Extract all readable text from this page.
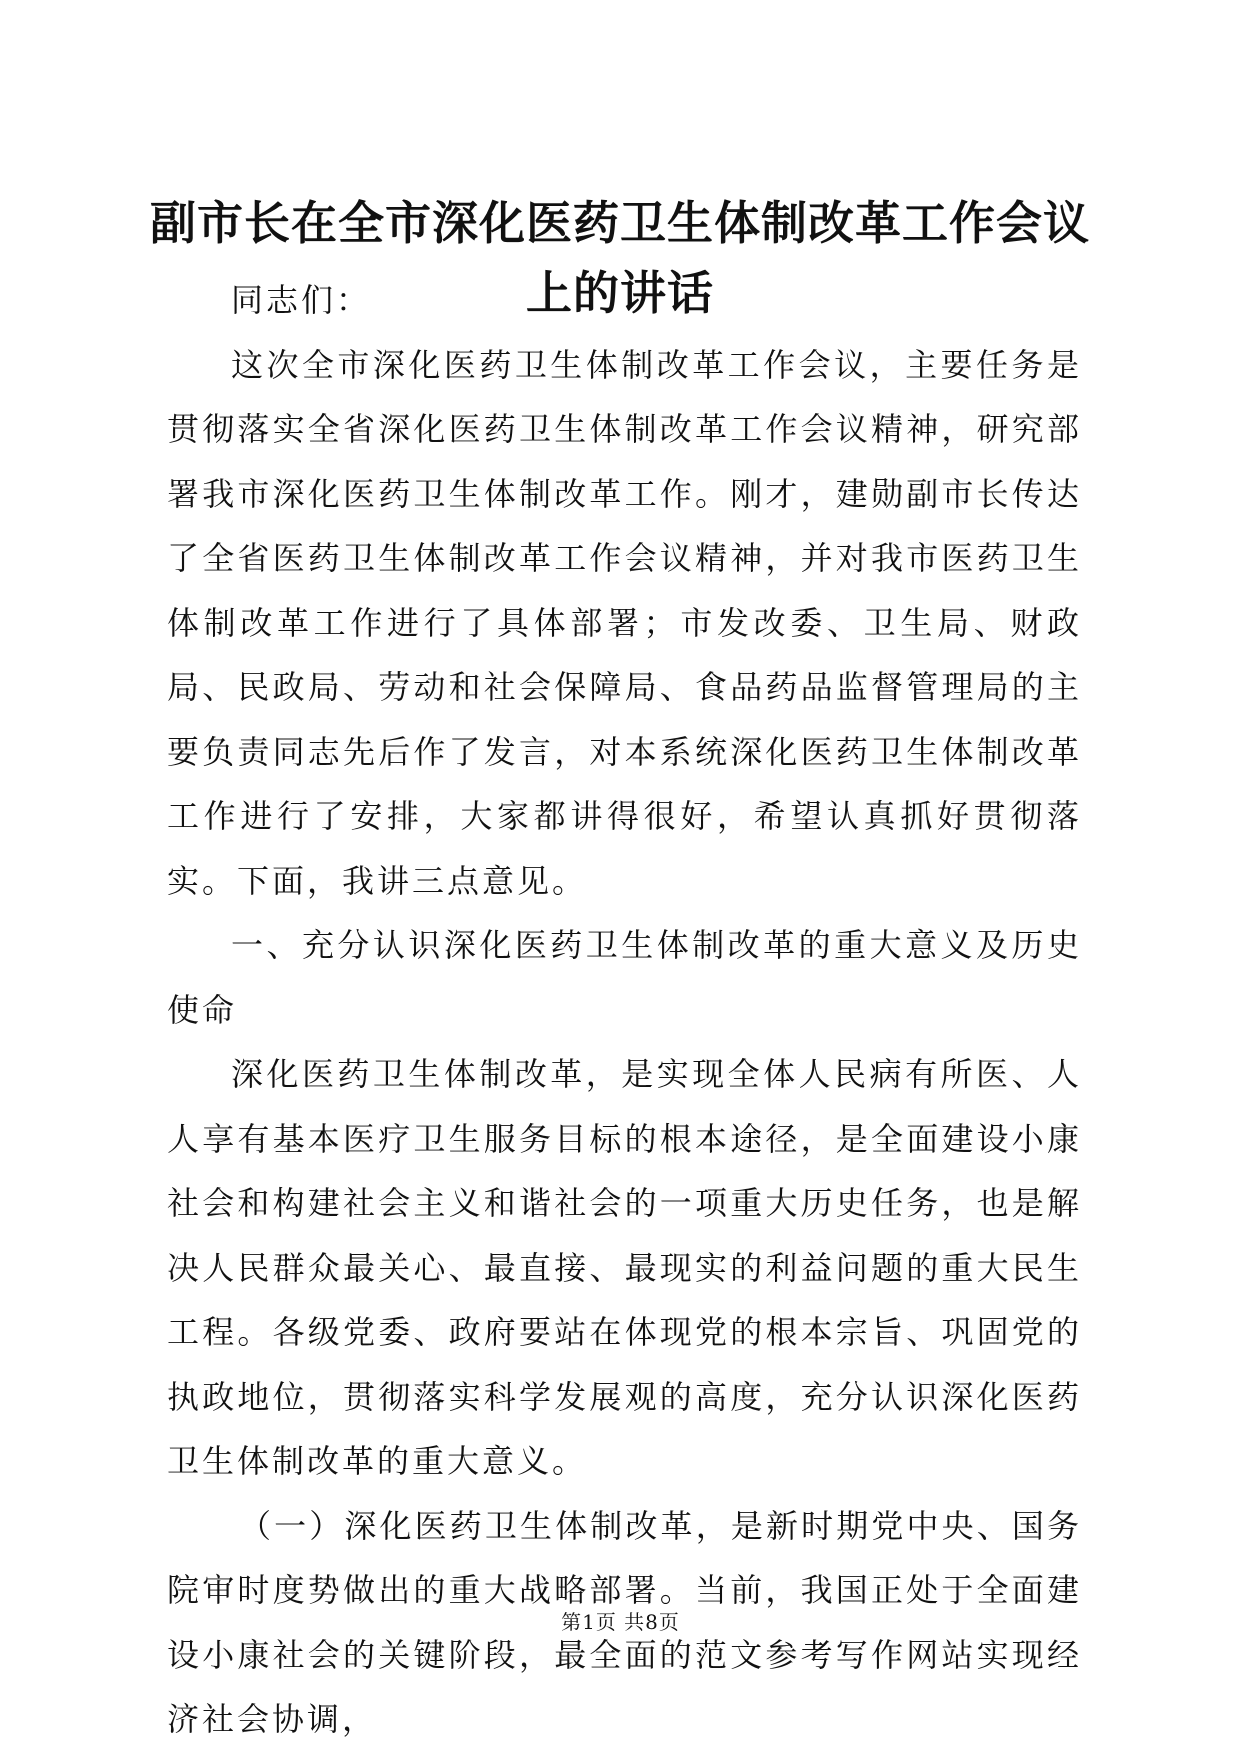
副市长在全市深化医药卫生体制改革工作会议
上的讲话

同志们：

这次全市深化医药卫生体制改革工作会议，主要任务是贯彻落实全省深化医药卫生体制改革工作会议精神，研究部署我市深化医药卫生体制改革工作。刚才，建勋副市长传达了全省医药卫生体制改革工作会议精神，并对我市医药卫生体制改革工作进行了具体部署；市发改委、卫生局、财政局、民政局、劳动和社会保障局、食品药品监督管理局的主要负责同志先后作了发言，对本系统深化医药卫生体制改革工作进行了安排，大家都讲得很好，希望认真抓好贯彻落实。下面，我讲三点意见。

一、充分认识深化医药卫生体制改革的重大意义及历史使命

深化医药卫生体制改革，是实现全体人民病有所医、人人享有基本医疗卫生服务目标的根本途径，是全面建设小康社会和构建社会主义和谐社会的一项重大历史任务，也是解决人民群众最关心、最直接、最现实的利益问题的重大民生工程。各级党委、政府要站在体现党的根本宗旨、巩固党的执政地位，贯彻落实科学发展观的高度，充分认识深化医药卫生体制改革的重大意义。

（一）深化医药卫生体制改革，是新时期党中央、国务院审时度势做出的重大战略部署。当前，我国正处于全面建设小康社会的关键阶段，最全面的范文参考写作网站实现经济社会协调，

第1页 共8页
